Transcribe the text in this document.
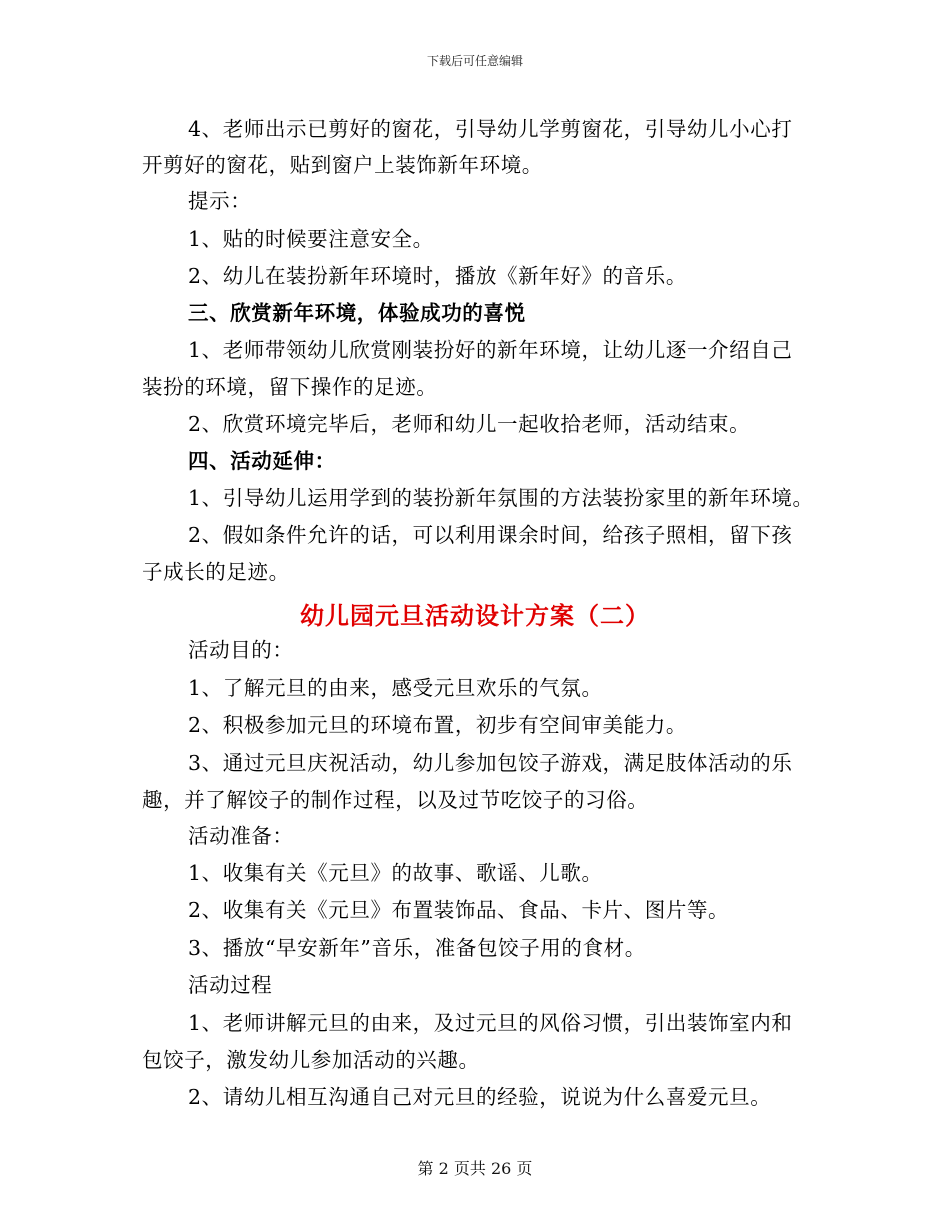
下载后可任意编辑
4、老师出示已剪好的窗花，引导幼儿学剪窗花，引导幼儿小心打
开剪好的窗花，贴到窗户上装饰新年环境。
提示：
1、贴的时候要注意安全。
2、幼儿在装扮新年环境时，播放《新年好》的音乐。
三、欣赏新年环境，体验成功的喜悦
1、老师带领幼儿欣赏刚装扮好的新年环境，让幼儿逐一介绍自己
装扮的环境，留下操作的足迹。
2、欣赏环境完毕后，老师和幼儿一起收拾老师，活动结束。
四、活动延伸：
1、引导幼儿运用学到的装扮新年氛围的方法装扮家里的新年环境。
2、假如条件允许的话，可以利用课余时间，给孩子照相，留下孩
子成长的足迹。
幼儿园元旦活动设计方案（二）
活动目的：
1、了解元旦的由来，感受元旦欢乐的气氛。
2、积极参加元旦的环境布置，初步有空间审美能力。
3、通过元旦庆祝活动，幼儿参加包饺子游戏，满足肢体活动的乐
趣，并了解饺子的制作过程，以及过节吃饺子的习俗。
活动准备：
1、收集有关《元旦》的故事、歌谣、儿歌。
2、收集有关《元旦》布置装饰品、食品、卡片、图片等。
3、播放“早安新年”音乐，准备包饺子用的食材。
活动过程
1、老师讲解元旦的由来，及过元旦的风俗习惯，引出装饰室内和
包饺子，激发幼儿参加活动的兴趣。
2、请幼儿相互沟通自己对元旦的经验，说说为什么喜爱元旦。
第 2 页共 26 页
